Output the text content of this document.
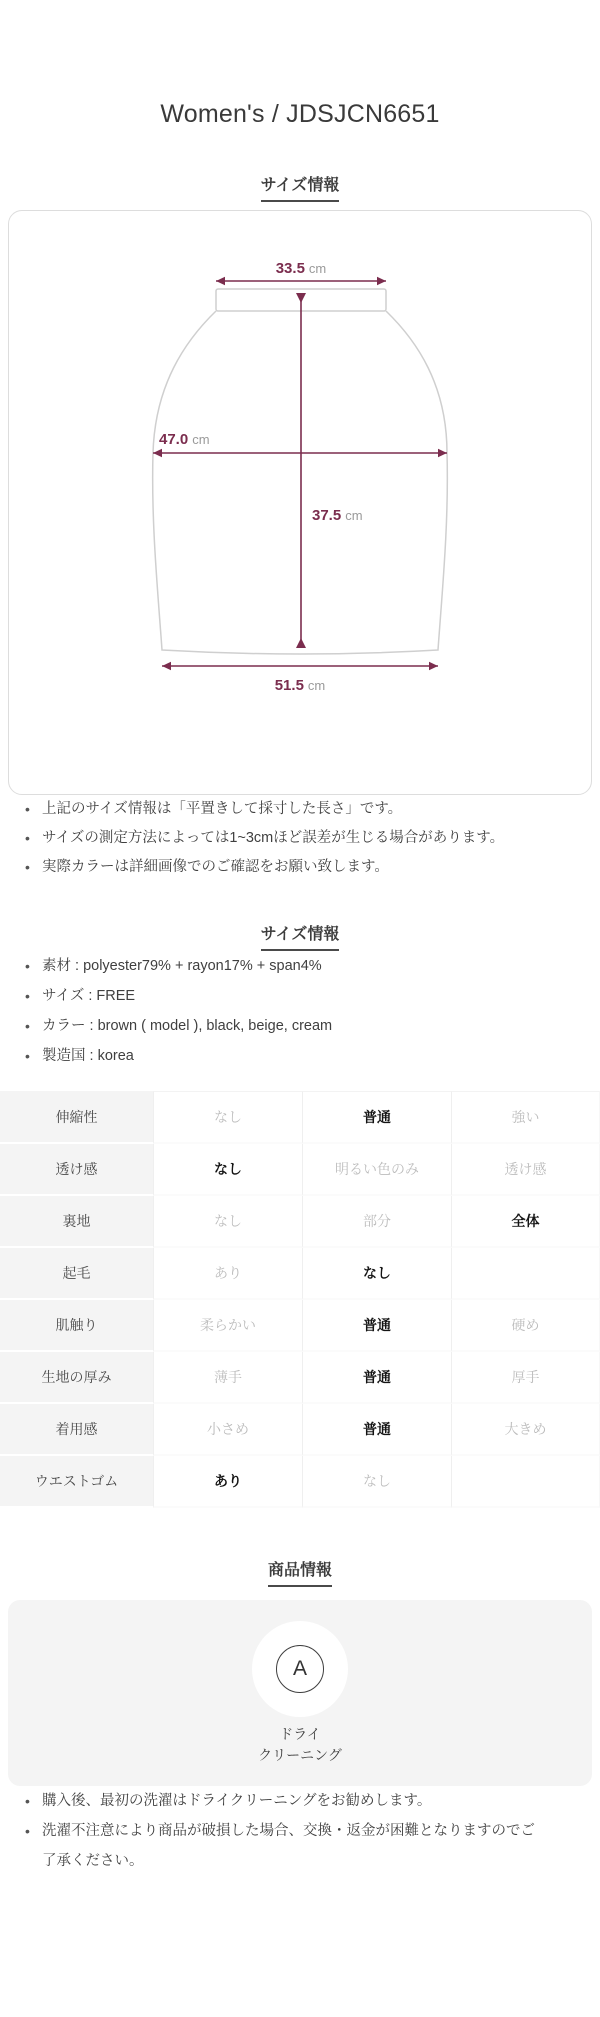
Women's / JDSJCN6651
サイズ情報
33.5 cm
37.5 cm
47.0 cm
51.5 cm
• 上記のサイズ情報は「平置きして採寸した長さ」です。
• サイズの測定方法によっては1~3cmほど誤差が生じる場合があります。
• 実際カラーは詳細画像でのご確認をお願い致します。
サイズ情報
• 素材 : polyester79% + rayon17% + span4%
• サイズ : FREE
• カラー : brown ( model ), black, beige, cream
• 製造国 : korea
伸縮性	なし	普通	強い
透け感	なし	明るい色のみ	透け感
裏地	なし	部分	全体
起毛	あり	なし	
肌触り	柔らかい	普通	硬め
生地の厚み	薄手	普通	厚手
着用感	小さめ	普通	大きめ
ウエストゴム	あり	なし	
商品情報
A
ドライ
クリーニング
• 購入後、最初の洗濯はドライクリーニングをお勧めします。
• 洗濯不注意により商品が破損した場合、交換・返金が困難となりますのでご了承ください。
